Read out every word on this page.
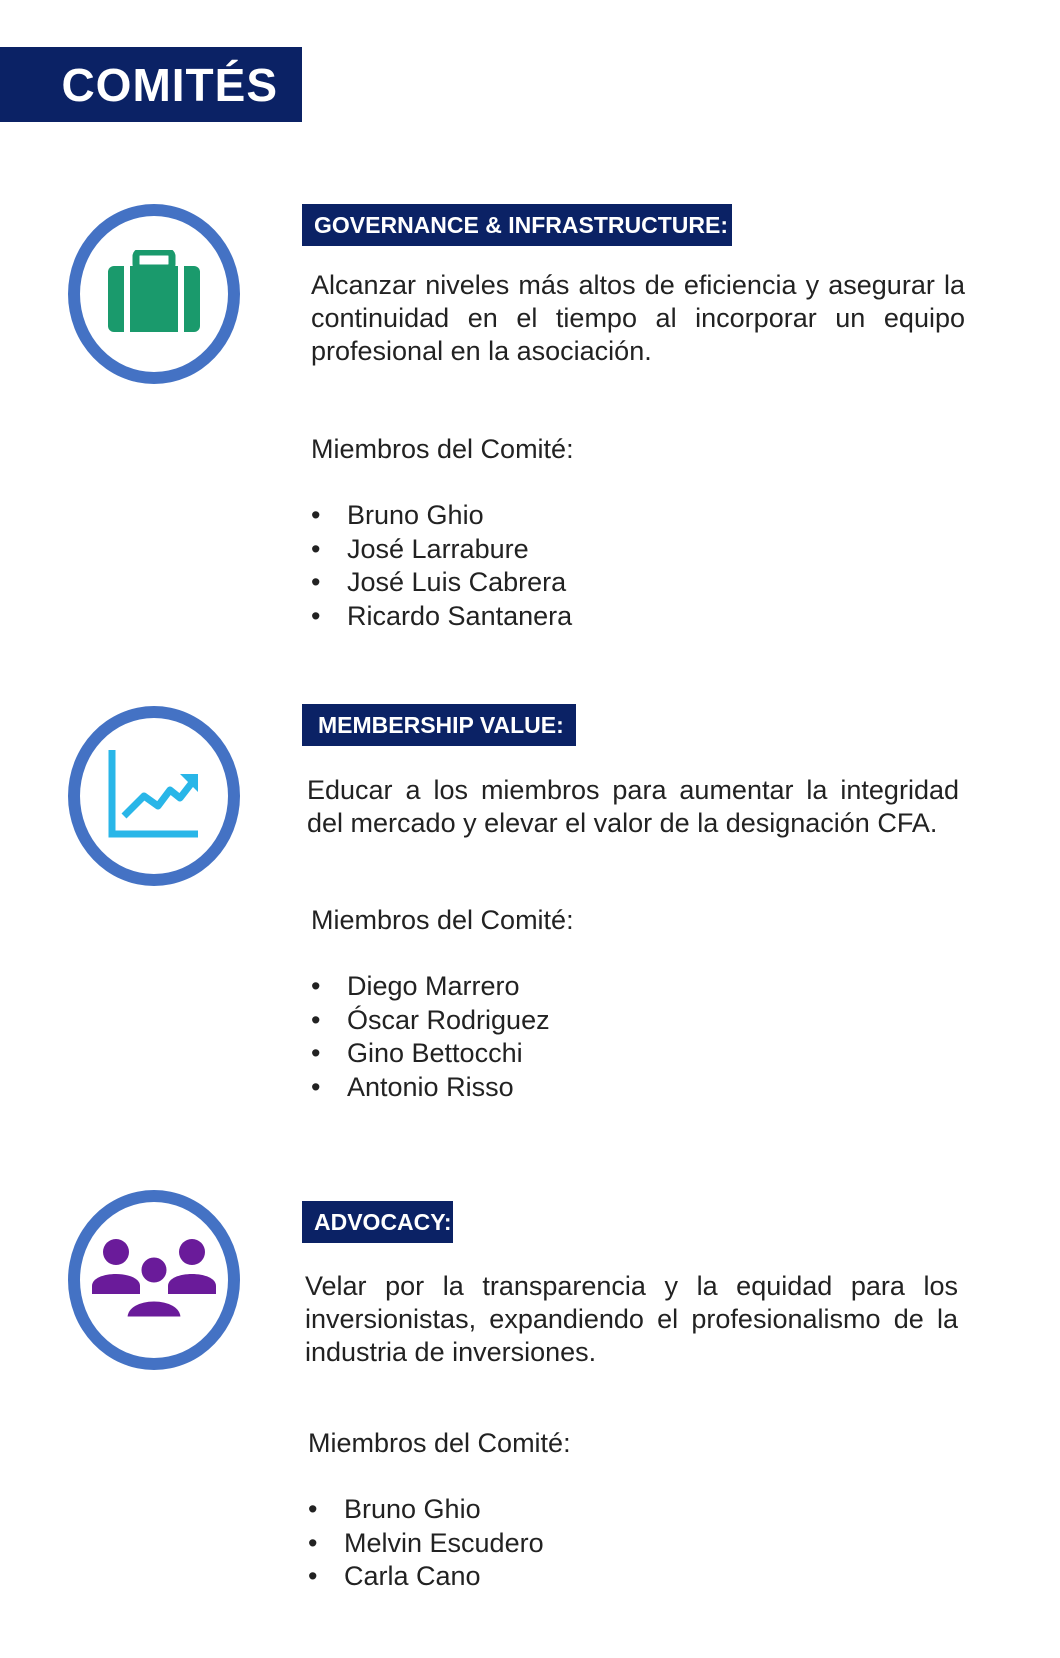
COMITÉS
GOVERNANCE & INFRASTRUCTURE:

Alcanzar niveles más altos de eficiencia y asegurar la continuidad en el tiempo al incorporar un equipo profesional en la asociación.

Miembros del Comité:
• Bruno Ghio
• José Larrabure
• José Luis Cabrera
• Ricardo Santanera
MEMBERSHIP VALUE:

Educar a los miembros para aumentar la integridad del mercado y elevar el valor de la designación CFA.

Miembros del Comité:
• Diego Marrero
• Óscar Rodriguez
• Gino Bettocchi
• Antonio Risso
ADVOCACY:

Velar por la transparencia y la equidad para los inversionistas, expandiendo el profesionalismo de la industria de inversiones.

Miembros del Comité:
• Bruno Ghio
• Melvin Escudero
• Carla Cano
